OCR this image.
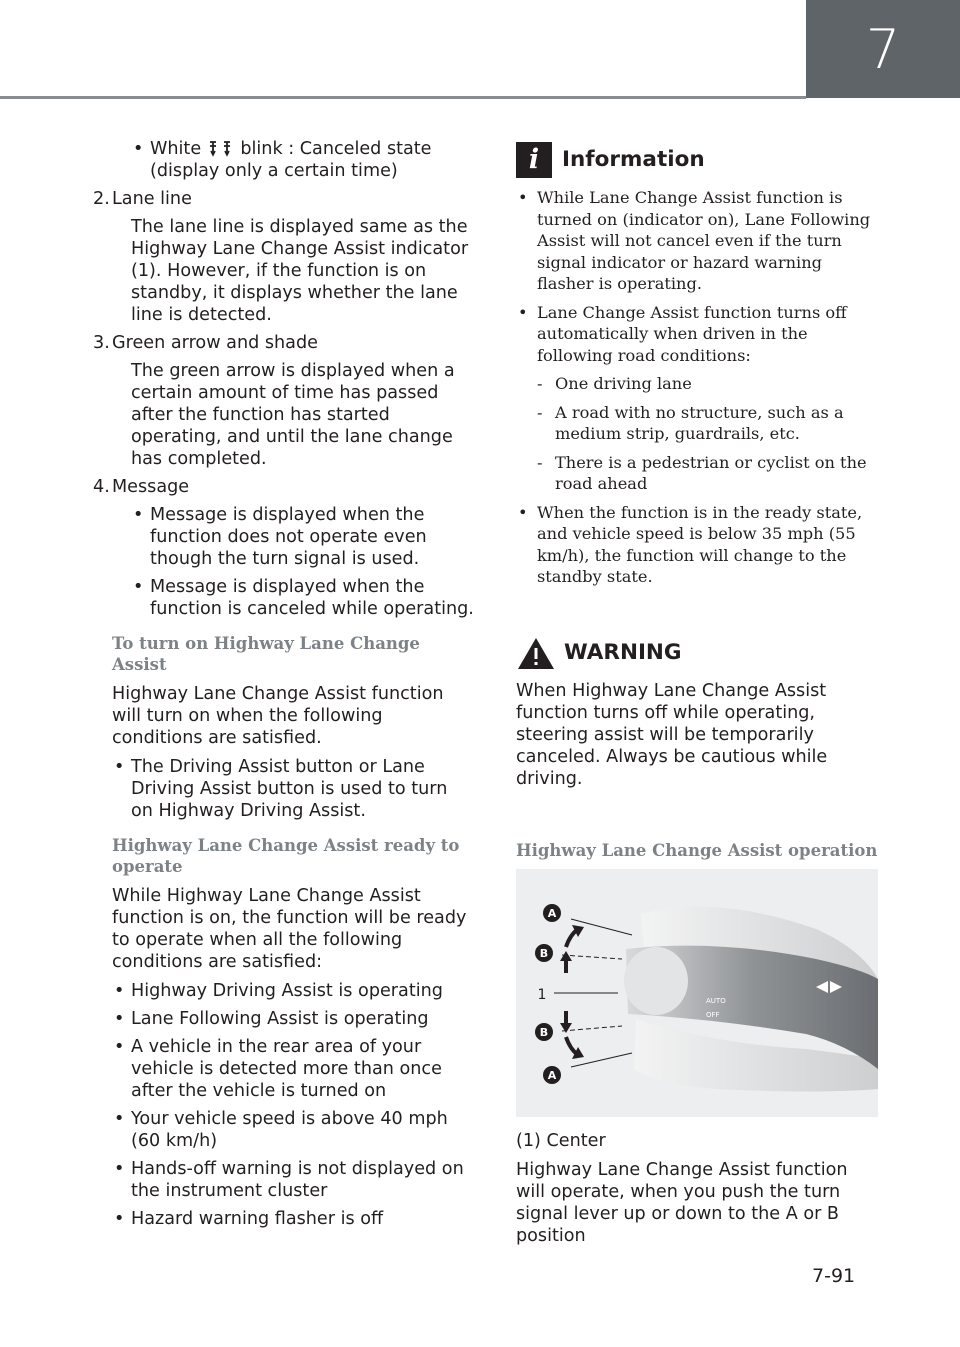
7
• White blink : Canceled state (display only a certain time)
2. Lane line
The lane line is displayed same as the Highway Lane Change Assist indicator (1). However, if the function is on standby, it displays whether the lane line is detected.
3. Green arrow and shade
The green arrow is displayed when a certain amount of time has passed after the function has started operating, and until the lane change has completed.
4. Message
• Message is displayed when the function does not operate even though the turn signal is used.
• Message is displayed when the function is canceled while operating.
To turn on Highway Lane Change Assist
Highway Lane Change Assist function will turn on when the following conditions are satisfied.
• The Driving Assist button or Lane Driving Assist button is used to turn on Highway Driving Assist.
Highway Lane Change Assist ready to operate
While Highway Lane Change Assist function is on, the function will be ready to operate when all the following conditions are satisfied:
• Highway Driving Assist is operating
• Lane Following Assist is operating
• A vehicle in the rear area of your vehicle is detected more than once after the vehicle is turned on
• Your vehicle speed is above 40 mph (60 km/h)
• Hands-off warning is not displayed on the instrument cluster
• Hazard warning flasher is off
i	Information
• While Lane Change Assist function is turned on (indicator on), Lane Following Assist will not cancel even if the turn signal indicator or hazard warning flasher is operating.
• Lane Change Assist function turns off automatically when driven in the following road conditions:
- One driving lane
- A road with no structure, such as a medium strip, guardrails, etc.
- There is a pedestrian or cyclist on the road ahead
• When the function is in the ready state, and vehicle speed is below 35 mph (55 km/h), the function will change to the standby state.
WARNING
When Highway Lane Change Assist function turns off while operating, steering assist will be temporarily canceled. Always be cautious while driving.
Highway Lane Change Assist operation
AUTO
OFF
A
B
1
B
A
(1) Center
Highway Lane Change Assist function will operate, when you push the turn signal lever up or down to the A or B position
7-91
